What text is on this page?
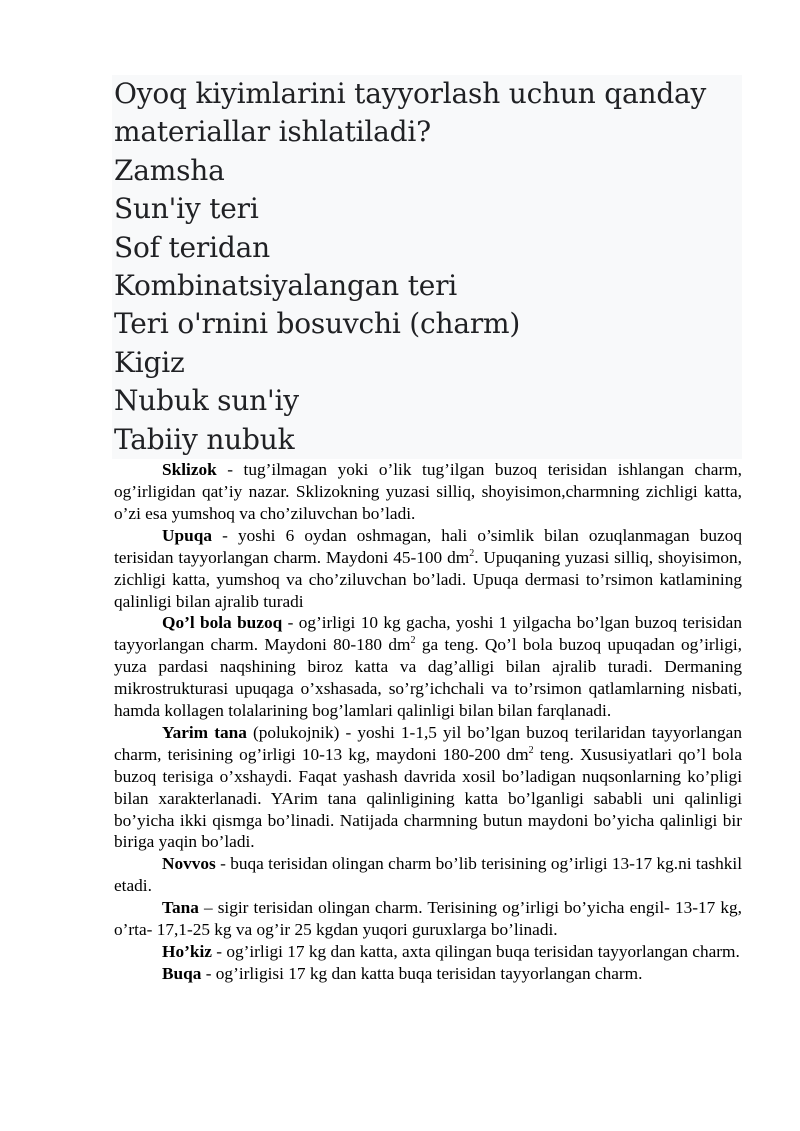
Oyoq kiyimlarini tayyorlash uchun qanday materiallar ishlatiladi?
Zamsha
Sun'iy teri
Sof teridan
Kombinatsiyalangan teri
Teri o'rnini bosuvchi (charm)
Kigiz
Nubuk sun'iy
Tabiiy nubuk

Sklizok - tug’ilmagan yoki o’lik tug’ilgan buzoq terisidan ishlangan charm, og’irligidan qat’iy nazar. Sklizokning yuzasi silliq, shoyisimon,charmning zichligi katta, o’zi esa yumshoq va cho’ziluvchan bo’ladi.

Upuqa - yoshi 6 oydan oshmagan, hali o’simlik bilan ozuqlanmagan buzoq terisidan tayyorlangan charm. Maydoni 45-100 $dm^2$. Upuqaning yuzasi silliq, shoyisimon, zichligi katta, yumshoq va cho’ziluvchan bo’ladi. Upuqa dermasi to’rsimon katlamining qalinligi bilan ajralib turadi

Qo’l bola buzoq - og’irligi 10 kg gacha, yoshi 1 yilgacha bo’lgan buzoq terisidan tayyorlangan charm. Maydoni 80-180 $dm^2$ ga teng. Qo’l bola buzoq upuqadan og’irligi, yuza pardasi naqshining biroz katta va dag’alligi bilan ajralib turadi. Dermaning mikrostrukturasi upuqaga o’xshasada, so’rg’ichchali va to’rsimon qatlamlarning nisbati, hamda kollagen tolalarining bog’lamlari qalinligi bilan bilan farqlanadi.

Yarim tana (polukojnik) - yoshi 1-1,5 yil bo’lgan buzoq terilaridan tayyorlangan charm, terisining og’irligi 10-13 kg, maydoni 180-200 $dm^2$ teng. Xususiyatlari qo’l bola buzoq terisiga o’xshaydi. Faqat yashash davrida xosil bo’ladigan nuqsonlarning ko’pligi bilan xarakterlanadi. YArim tana qalinligining katta bo’lganligi sababli uni qalinligi bo’yicha ikki qismga bo’linadi. Natijada charmning butun maydoni bo’yicha qalinligi bir biriga yaqin bo’ladi.

Novvos - buqa terisidan olingan charm bo’lib terisining og’irligi 13-17 kg.ni tashkil etadi.

Tana – sigir terisidan olingan charm. Terisining og’irligi bo’yicha engil- 13-17 kg, o’rta- 17,1-25 kg va og’ir 25 kgdan yuqori guruxlarga bo’linadi.

Ho’kiz - og’irligi 17 kg dan katta, axta qilingan buqa terisidan tayyorlangan charm.

Buqa - og’irligisi 17 kg dan katta buqa terisidan tayyorlangan charm.
